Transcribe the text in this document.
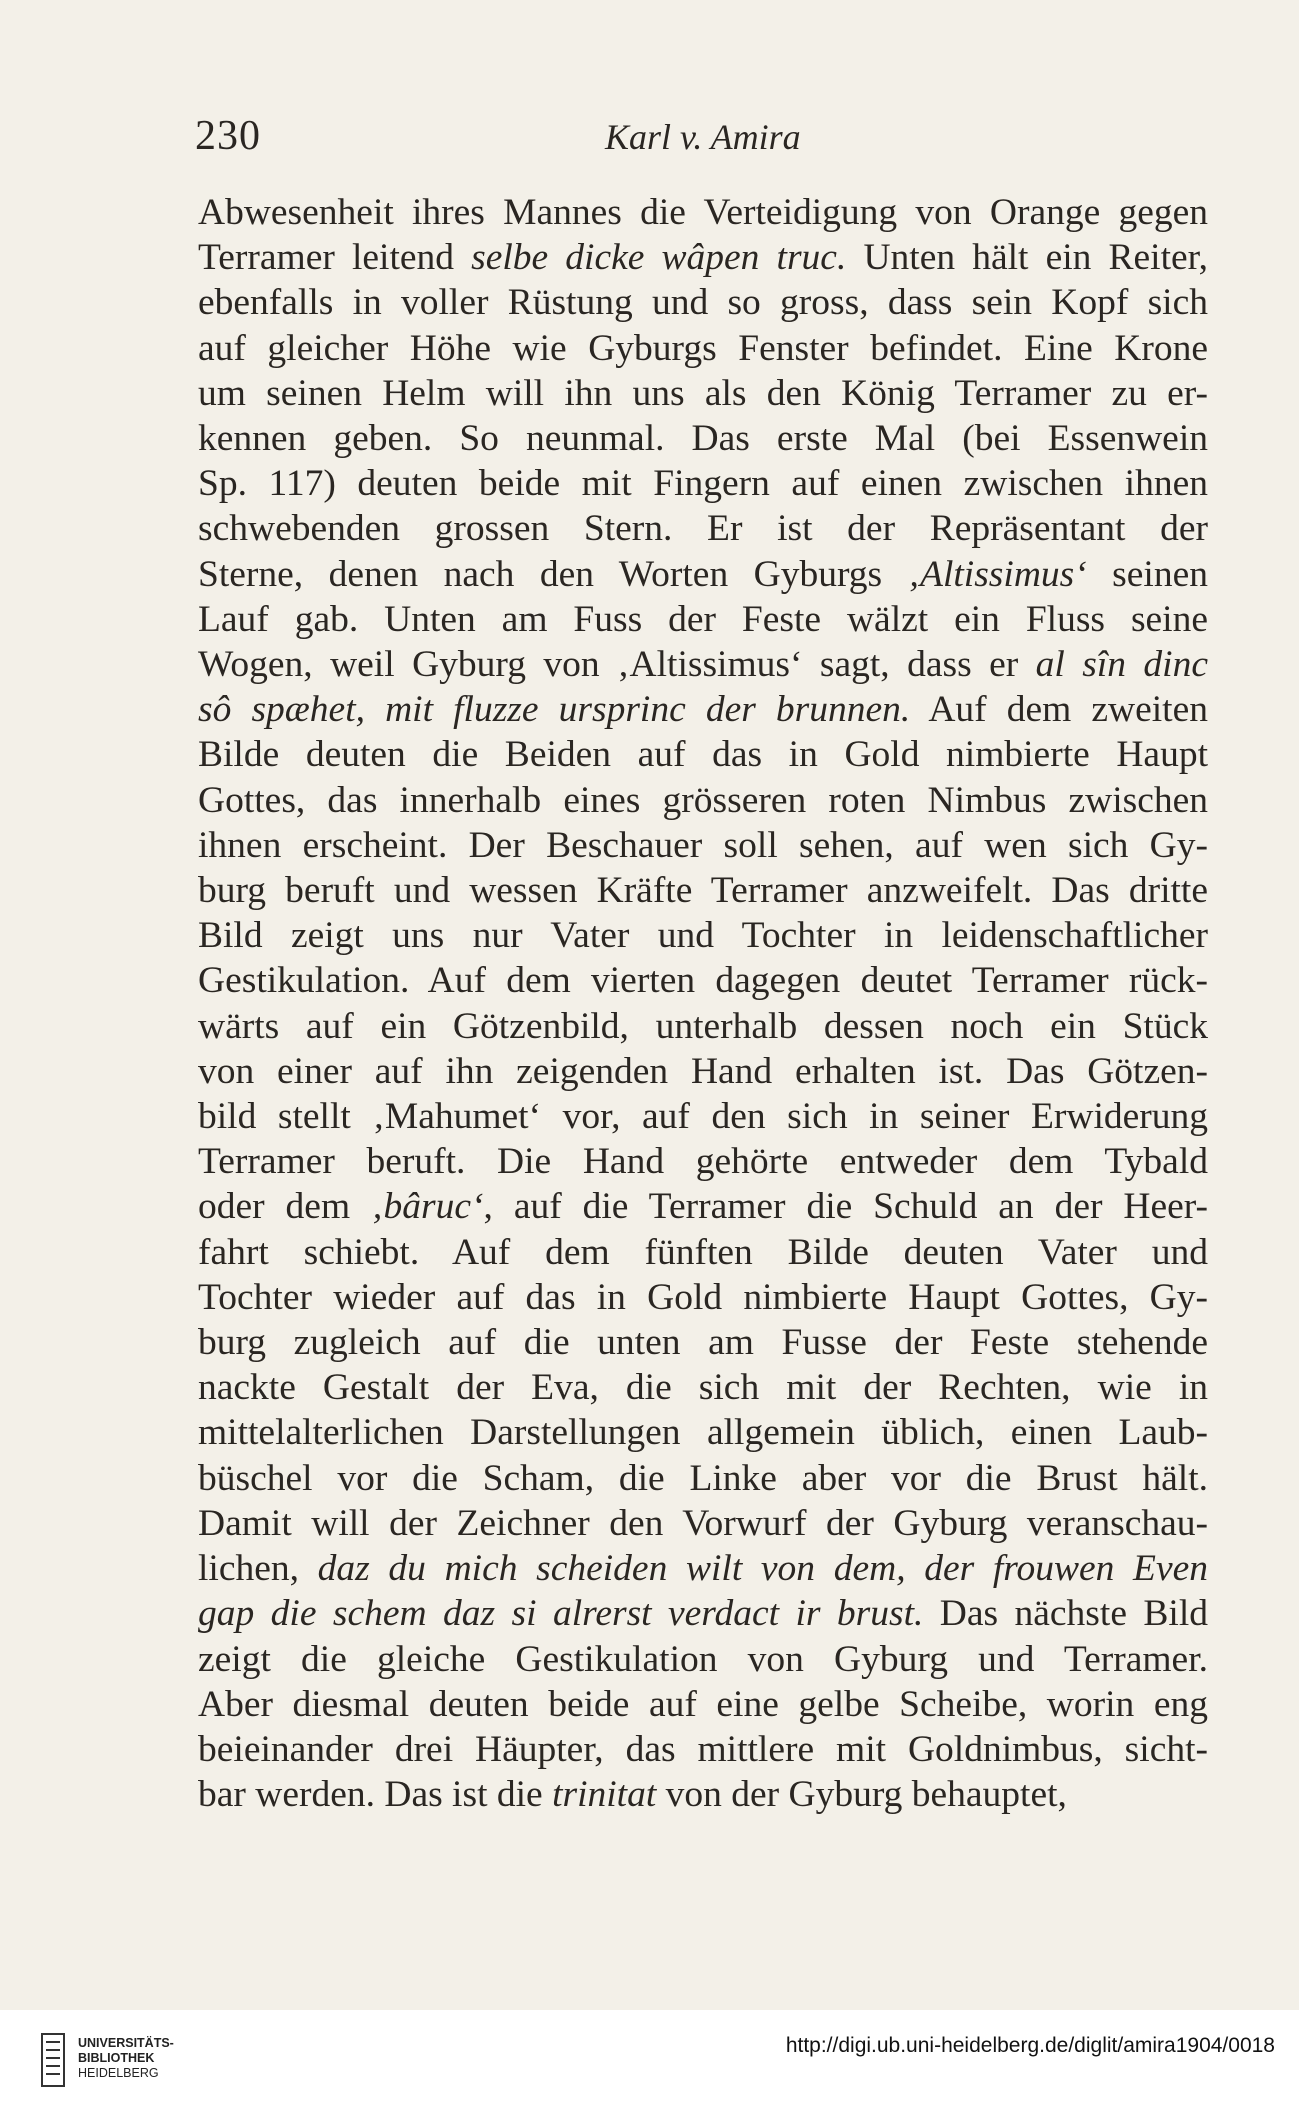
230	Karl v. Amira
Abwesenheit ihres Mannes die Verteidigung von Orange gegen
Terramer leitend selbe dicke wâpen truc. Unten hält ein Reiter,
ebenfalls in voller Rüstung und so gross, dass sein Kopf sich
auf gleicher Höhe wie Gyburgs Fenster befindet. Eine Krone
um seinen Helm will ihn uns als den König Terramer zu er-
kennen geben. So neunmal. Das erste Mal (bei Essenwein
Sp. 117) deuten beide mit Fingern auf einen zwischen ihnen
schwebenden grossen Stern. Er ist der Repräsentant der
Sterne, denen nach den Worten Gyburgs ‚Altissimus‘ seinen
Lauf gab. Unten am Fuss der Feste wälzt ein Fluss seine
Wogen, weil Gyburg von ‚Altissimus‘ sagt, dass er al sîn dinc
sô spæhet, mit fluzze ursprinc der brunnen. Auf dem zweiten
Bilde deuten die Beiden auf das in Gold nimbierte Haupt
Gottes, das innerhalb eines grösseren roten Nimbus zwischen
ihnen erscheint. Der Beschauer soll sehen, auf wen sich Gy-
burg beruft und wessen Kräfte Terramer anzweifelt. Das dritte
Bild zeigt uns nur Vater und Tochter in leidenschaftlicher
Gestikulation. Auf dem vierten dagegen deutet Terramer rück-
wärts auf ein Götzenbild, unterhalb dessen noch ein Stück
von einer auf ihn zeigenden Hand erhalten ist. Das Götzen-
bild stellt ‚Mahumet‘ vor, auf den sich in seiner Erwiderung
Terramer beruft. Die Hand gehörte entweder dem Tybald
oder dem ‚bâruc‘, auf die Terramer die Schuld an der Heer-
fahrt schiebt. Auf dem fünften Bilde deuten Vater und
Tochter wieder auf das in Gold nimbierte Haupt Gottes, Gy-
burg zugleich auf die unten am Fusse der Feste stehende
nackte Gestalt der Eva, die sich mit der Rechten, wie in
mittelalterlichen Darstellungen allgemein üblich, einen Laub-
büschel vor die Scham, die Linke aber vor die Brust hält.
Damit will der Zeichner den Vorwurf der Gyburg veranschau-
lichen, daz du mich scheiden wilt von dem, der frouwen Even
gap die schem daz si alrerst verdact ir brust. Das nächste Bild
zeigt die gleiche Gestikulation von Gyburg und Terramer.
Aber diesmal deuten beide auf eine gelbe Scheibe, worin eng
beieinander drei Häupter, das mittlere mit Goldnimbus, sicht-
bar werden. Das ist die trinitat von der Gyburg behauptet,
UNIVERSITÄTS-
BIBLIOTHEK
HEIDELBERG
http://digi.ub.uni-heidelberg.de/diglit/amira1904/0018
